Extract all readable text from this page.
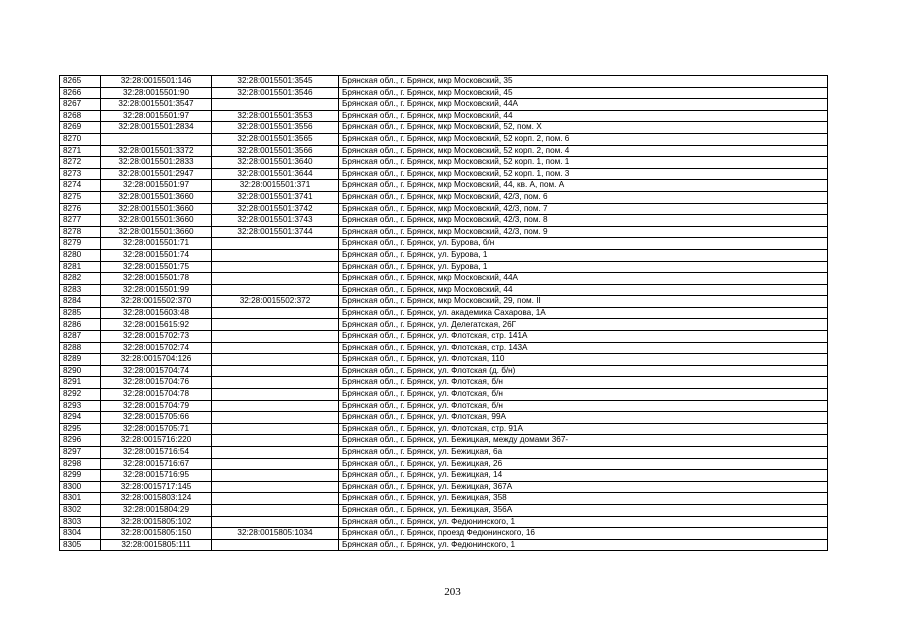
8265	32:28:0015501:146	32:28:0015501:3545	Брянская обл., г. Брянск, мкр Московский, 35
8266	32:28:0015501:90	32:28:0015501:3546	Брянская обл., г. Брянск, мкр Московский, 45
8267	32:28:0015501:3547		Брянская обл., г. Брянск, мкр Московский, 44А
8268	32:28:0015501:97	32:28:0015501:3553	Брянская обл., г. Брянск, мкр Московский, 44
8269	32:28:0015501:2834	32:28:0015501:3556	Брянская обл., г. Брянск, мкр Московский, 52, пом. X
8270		32:28:0015501:3565	Брянская обл., г. Брянск, мкр Московский, 52 корп. 2, пом. 6
8271	32:28:0015501:3372	32:28:0015501:3566	Брянская обл., г. Брянск, мкр Московский, 52 корп. 2, пом. 4
8272	32:28:0015501:2833	32:28:0015501:3640	Брянская обл., г. Брянск, мкр Московский, 52 корп. 1, пом. 1
8273	32:28:0015501:2947	32:28:0015501:3644	Брянская обл., г. Брянск, мкр Московский, 52 корп. 1, пом. 3
8274	32:28:0015501:97	32:28:0015501:371	Брянская обл., г. Брянск, мкр Московский, 44, кв. А, пом. А
8275	32:28:0015501:3660	32:28:0015501:3741	Брянская обл., г. Брянск, мкр Московский, 42/3, пом. 6
8276	32:28:0015501:3660	32:28:0015501:3742	Брянская обл., г. Брянск, мкр Московский, 42/3, пом. 7
8277	32:28:0015501:3660	32:28:0015501:3743	Брянская обл., г. Брянск, мкр Московский, 42/3, пом. 8
8278	32:28:0015501:3660	32:28:0015501:3744	Брянская обл., г. Брянск, мкр Московский, 42/3, пом. 9
8279	32:28:0015501:71		Брянская обл., г. Брянск, ул. Бурова, б/н
8280	32:28:0015501:74		Брянская обл., г. Брянск, ул. Бурова, 1
8281	32:28:0015501:75		Брянская обл., г. Брянск, ул. Бурова, 1
8282	32:28:0015501:78		Брянская обл., г. Брянск, мкр Московский, 44А
8283	32:28:0015501:99		Брянская обл., г. Брянск, мкр Московский, 44
8284	32:28:0015502:370	32:28:0015502:372	Брянская обл., г. Брянск, мкр Московский, 29, пом. II
8285	32:28:0015603:48		Брянская обл., г. Брянск, ул. академика Сахарова, 1А
8286	32:28:0015615:92		Брянская обл., г. Брянск, ул. Делегатская, 26Г
8287	32:28:0015702:73		Брянская обл., г. Брянск, ул. Флотская, стр. 141А
8288	32:28:0015702:74		Брянская обл., г. Брянск, ул. Флотская, стр. 143А
8289	32:28:0015704:126		Брянская обл., г. Брянск, ул. Флотская, 110
8290	32:28:0015704:74		Брянская обл., г. Брянск, ул. Флотская (д. б/н)
8291	32:28:0015704:76		Брянская обл., г. Брянск, ул. Флотская, б/н
8292	32:28:0015704:78		Брянская обл., г. Брянск, ул. Флотская, б/н
8293	32:28:0015704:79		Брянская обл., г. Брянск, ул. Флотская, б/н
8294	32:28:0015705:66		Брянская обл., г. Брянск, ул. Флотская, 99А
8295	32:28:0015705:71		Брянская обл., г. Брянск, ул. Флотская, стр. 91А
8296	32:28:0015716:220		Брянская обл., г. Брянск, ул. Бежицкая, между домами 367-
8297	32:28:0015716:54		Брянская обл., г. Брянск, ул. Бежицкая, 6а
8298	32:28:0015716:67		Брянская обл., г. Брянск, ул. Бежицкая, 26
8299	32:28:0015716:95		Брянская обл., г. Брянск, ул. Бежицкая, 14
8300	32:28:0015717:145		Брянская обл., г. Брянск, ул. Бежицкая, 367А
8301	32:28:0015803:124		Брянская обл., г. Брянск, ул. Бежицкая, 358
8302	32:28:0015804:29		Брянская обл., г. Брянск, ул. Бежицкая, 356А
8303	32:28:0015805:102		Брянская обл., г. Брянск, ул. Федюнинского, 1
8304	32:28:0015805:150	32:28:0015805:1034	Брянская обл., г. Брянск, проезд Федюнинского, 16
8305	32:28:0015805:111		Брянская обл., г. Брянск, ул. Федюнинского, 1
203
